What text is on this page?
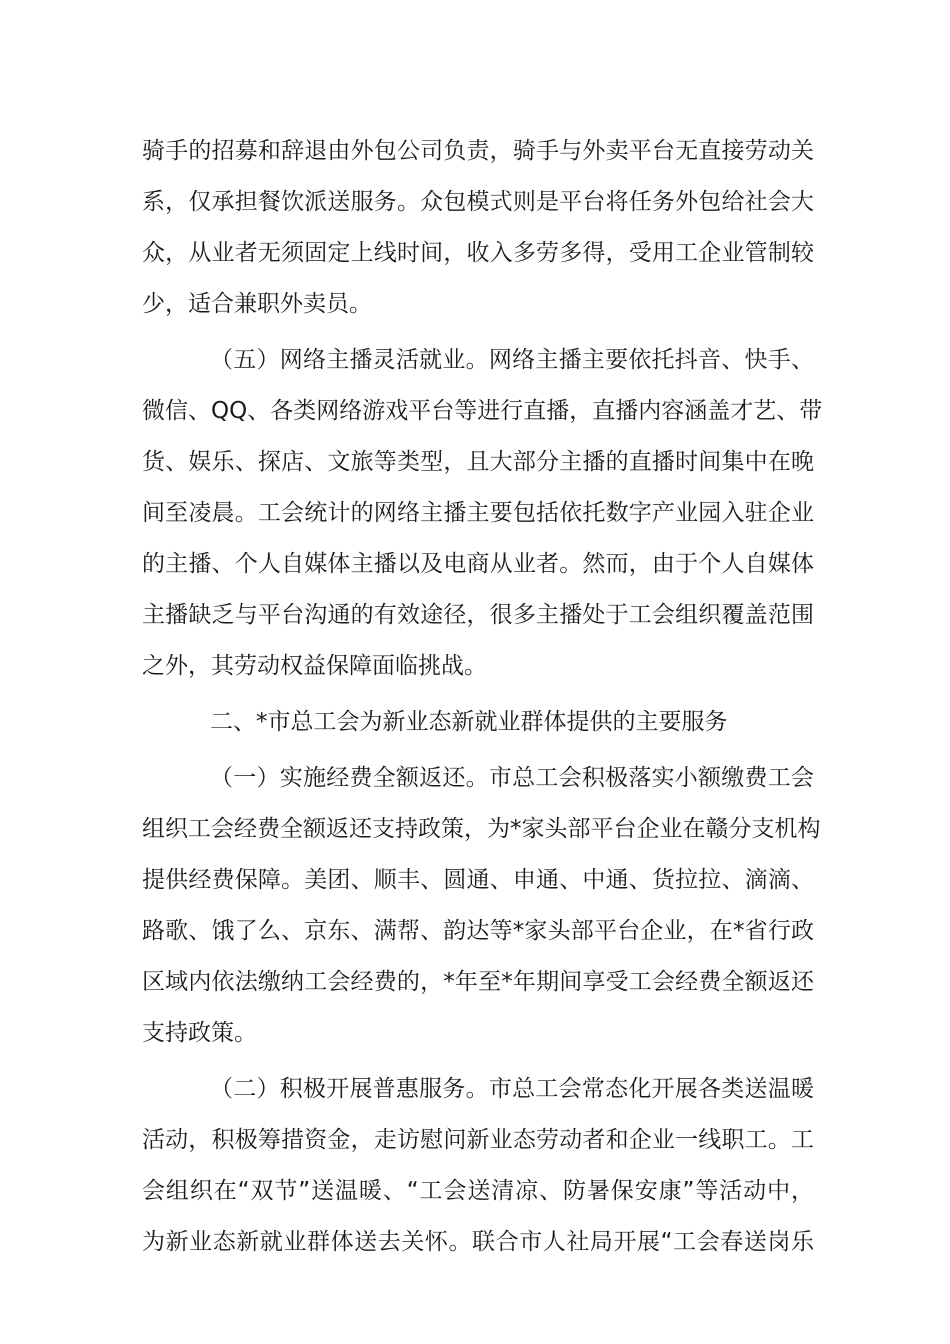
骑手的招募和辞退由外包公司负责，骑手与外卖平台无直接劳动关
系，仅承担餐饮派送服务。众包模式则是平台将任务外包给社会大
众，从业者无须固定上线时间，收入多劳多得，受用工企业管制较
少，适合兼职外卖员。
（五）网络主播灵活就业。网络主播主要依托抖音、快手、
微信、QQ、各类网络游戏平台等进行直播，直播内容涵盖才艺、带
货、娱乐、探店、文旅等类型，且大部分主播的直播时间集中在晚
间至凌晨。工会统计的网络主播主要包括依托数字产业园入驻企业
的主播、个人自媒体主播以及电商从业者。然而，由于个人自媒体
主播缺乏与平台沟通的有效途径，很多主播处于工会组织覆盖范围
之外，其劳动权益保障面临挑战。
二、*市总工会为新业态新就业群体提供的主要服务
（一）实施经费全额返还。市总工会积极落实小额缴费工会
组织工会经费全额返还支持政策，为*家头部平台企业在赣分支机构
提供经费保障。美团、顺丰、圆通、申通、中通、货拉拉、滴滴、
路歌、饿了么、京东、满帮、韵达等*家头部平台企业，在*省行政
区域内依法缴纳工会经费的，*年至*年期间享受工会经费全额返还
支持政策。
（二）积极开展普惠服务。市总工会常态化开展各类送温暖
活动，积极筹措资金，走访慰问新业态劳动者和企业一线职工。工
会组织在“双节”送温暖、“工会送清凉、防暑保安康”等活动中，
为新业态新就业群体送去关怀。联合市人社局开展“工会春送岗乐
